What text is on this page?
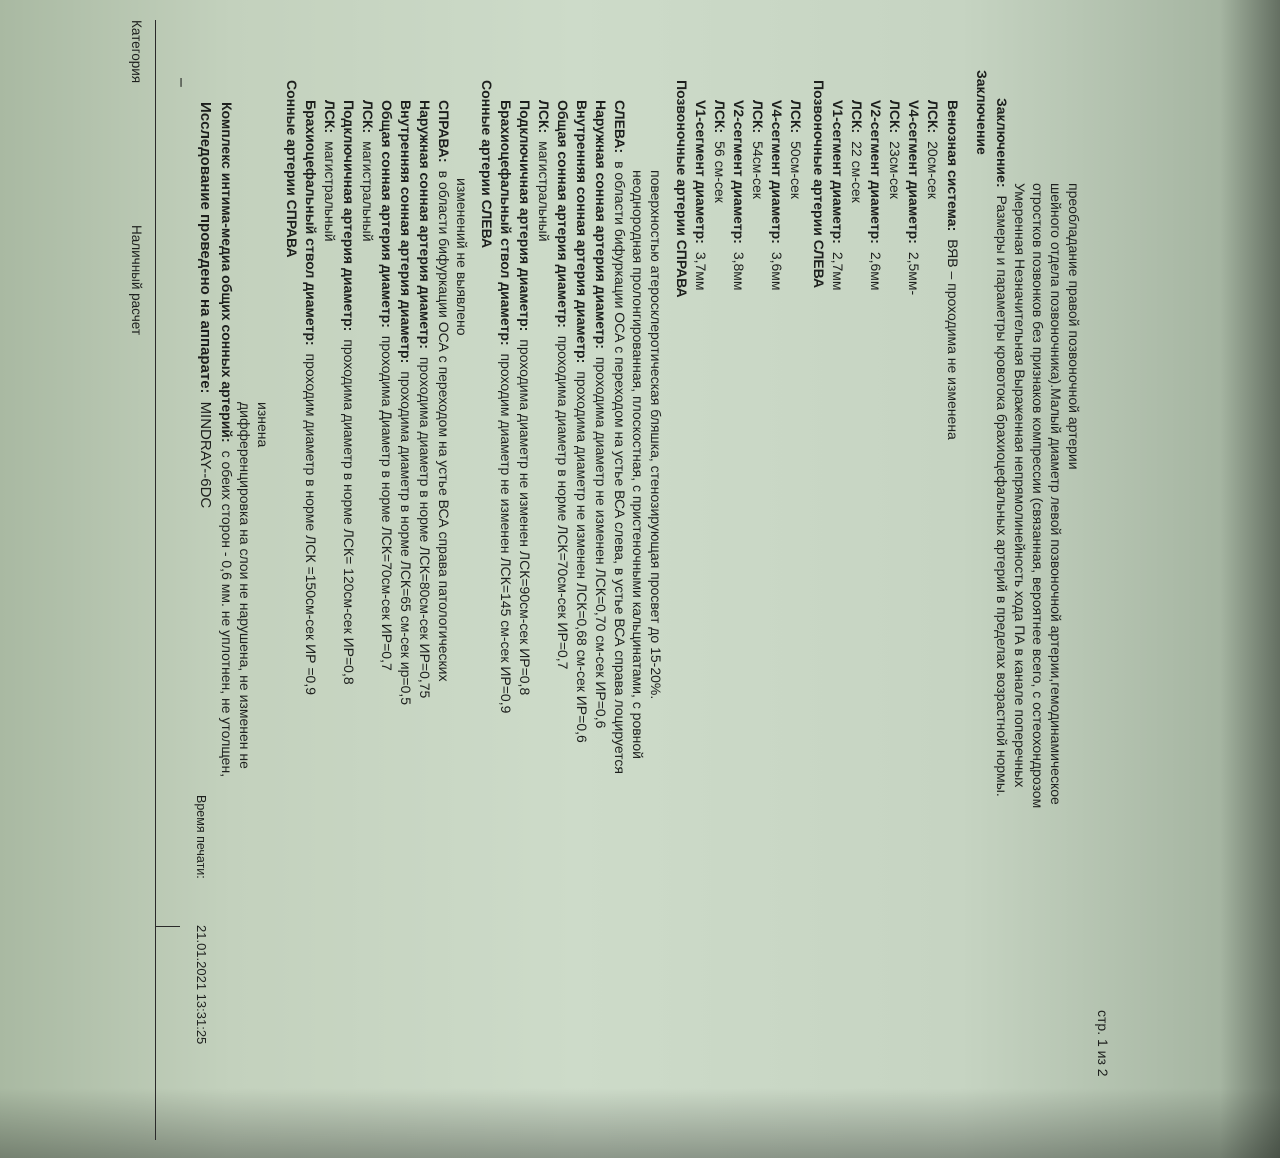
Категория
Наличный расчет
Время печати:
21.01.2021 13:31:25
–
Исследование проведено на аппарате:MINDRAY--6DC
Комплекс интима-медиа общих сонных артерий:с обеих сторон - 0,6 мм. не уплотнен, не утолщен, дифференцировка на слои не нарушена, не изменен не изнена
Сонные артерии СПРАВА Брахиоцефальный ствол диаметр:проходим диаметр в норме ЛСК =150см-сек ИР =0,9
ЛСК:магистральный Подключичная артерия диаметр:проходима диаметр в норме ЛСК= 120см-сек ИР=0,8
ЛСК:магистральный Общая сонная артерия диаметр:проходима Диаметр в норме ЛСК=70см-сек ИР=0,7
Внутренняя сонная артерия диаметр:проходима диаметр в норме ЛСК=65 см-сек ир=0,5
Наружная сонная артерия диаметр:проходима диаметр в норме ЛСК=80см-сек ИР=0,75
СПРАВА:в области бифуркации ОСА с переходом на устье ВСА справа патологических изменений не выявлено
Сонные артерии СЛЕВА Брахиоцефальный ствол диаметр:проходим диаметр не изменен ЛСК=145 см-сек ИР=0,9
Подключичная артерия диаметр:проходима диаметр не изменен ЛСК=90см-сек ИР=0,8
ЛСК:магистральный Общая сонная артерия диаметр:проходима диаметр в норме ЛСК=70см-сек ИР=0,7
Внутренняя сонная артерия диаметр:проходима диаметр не изменен ЛСК=0,68 см-сек ИР=0,6
Наружная сонная артерия диаметр:проходима диаметр не изменен ЛСК=0,70 см-сек ИР=0,6
СЛЕВА:в области бифуркации ОСА с переходом на устье ВСА слева, в устье ВСА справа лоцируется неоднородная пролонгированная, плоскостная, с пристеночными кальцинатами, с ровной поверхностью атеросклеротическая бляшка, стенозирующая просвет до 15-20%. Позвоночные артерии СПРАВА V1-сегмент диаметр:3,7мм
ЛСК:56 см-сек V2-сегмент диаметр:3,8мм
ЛСК:54см-сек V4-сегмент диаметр:3,6мм
ЛСК:50см-сек Позвоночные артерии СЛЕВА V1-сегмент диаметр:2,7мм
ЛСК:22 см-сек V2-сегмент диаметр:2,6мм
ЛСК:23см-сек V4-сегмент диаметр:2,5мм-
ЛСК:20см-сек Венозная система:ВЯВ – проходима не изменена
Заключение Заключение:Размеры и параметры кровотока брахиоцефальных артерий в пределах возрастной нормы. Умеренная Незначительная Выраженная непрямолинейность хода ПА в канале поперечных отростков позвонков без признаков компрессии (связанная, вероятнее всего, с остеохондрозом шейного отдела позвоночника).Малый диаметр левой позвоночной артерии,гемодинамическое преобладание правой позвоночной артерии
стр. 1 из 2
